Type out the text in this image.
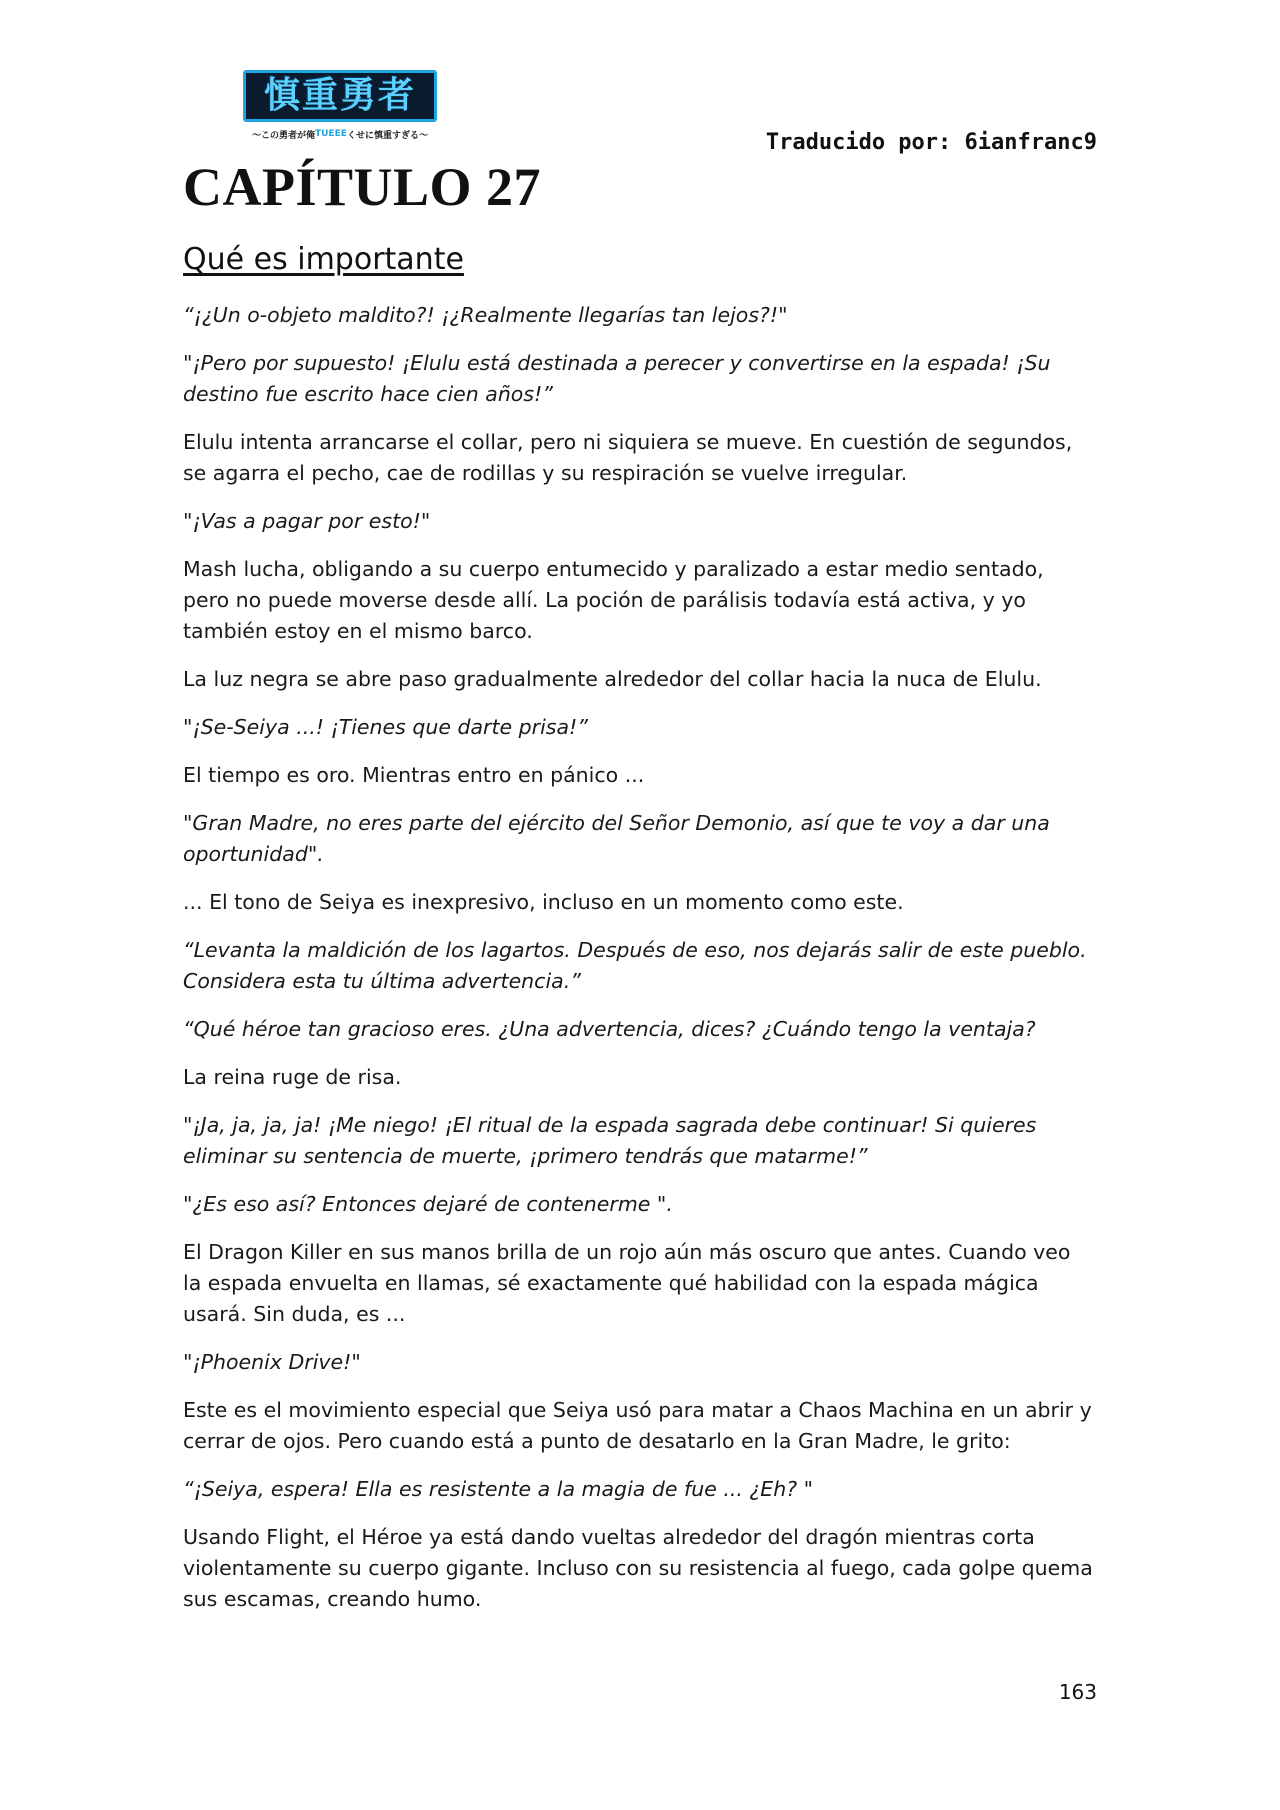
慎重勇者
〜この勇者が俺 TUEEE くせに慎重すぎる〜	Traducido por: 6ianfranc9
CAPÍTULO 27
Qué es importante

“¡¿Un o-objeto maldito?! ¡¿Realmente llegarías tan lejos?!"

"¡Pero por supuesto! ¡Elulu está destinada a perecer y convertirse en la espada! ¡Su destino fue escrito hace cien años!”

Elulu intenta arrancarse el collar, pero ni siquiera se mueve. En cuestión de segundos, se agarra el pecho, cae de rodillas y su respiración se vuelve irregular.

"¡Vas a pagar por esto!"

Mash lucha, obligando a su cuerpo entumecido y paralizado a estar medio sentado, pero no puede moverse desde allí. La poción de parálisis todavía está activa, y yo también estoy en el mismo barco.

La luz negra se abre paso gradualmente alrededor del collar hacia la nuca de Elulu.

"¡Se-Seiya ...! ¡Tienes que darte prisa!”

El tiempo es oro. Mientras entro en pánico ...

"Gran Madre, no eres parte del ejército del Señor Demonio, así que te voy a dar una oportunidad".

... El tono de Seiya es inexpresivo, incluso en un momento como este.

“Levanta la maldición de los lagartos. Después de eso, nos dejarás salir de este pueblo. Considera esta tu última advertencia.”

“Qué héroe tan gracioso eres. ¿Una advertencia, dices? ¿Cuándo tengo la ventaja?

La reina ruge de risa.

"¡Ja, ja, ja, ja! ¡Me niego! ¡El ritual de la espada sagrada debe continuar! Si quieres eliminar su sentencia de muerte, ¡primero tendrás que matarme!”

"¿Es eso así? Entonces dejaré de contenerme ".

El Dragon Killer en sus manos brilla de un rojo aún más oscuro que antes. Cuando veo la espada envuelta en llamas, sé exactamente qué habilidad con la espada mágica usará. Sin duda, es ...

"¡Phoenix Drive!"

Este es el movimiento especial que Seiya usó para matar a Chaos Machina en un abrir y cerrar de ojos. Pero cuando está a punto de desatarlo en la Gran Madre, le grito:

“¡Seiya, espera! Ella es resistente a la magia de fue ... ¿Eh? "

Usando Flight, el Héroe ya está dando vueltas alrededor del dragón mientras corta violentamente su cuerpo gigante. Incluso con su resistencia al fuego, cada golpe quema sus escamas, creando humo.

163
